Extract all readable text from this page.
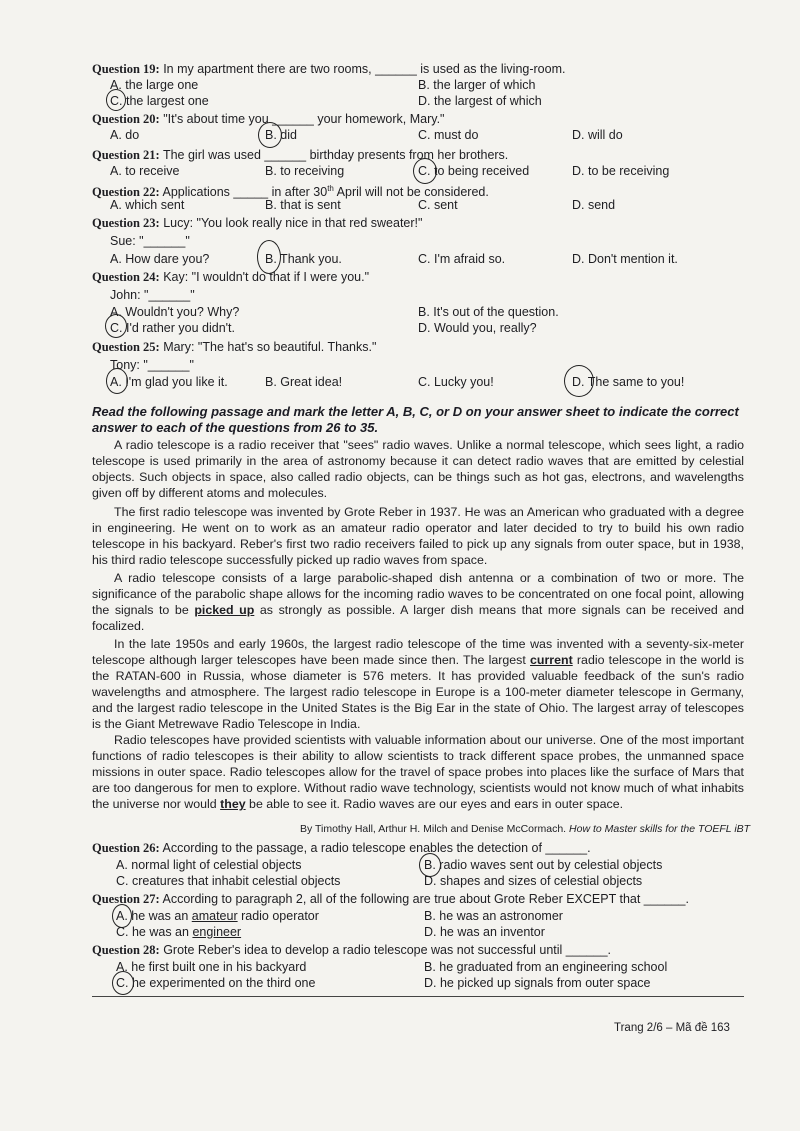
Question 19: In my apartment there are two rooms, ______ is used as the living-room.
A. the large one	B. the larger of which
C. the largest one	D. the largest of which
Question 20: "It's about time you ______ your homework, Mary."
A. do	B. did	C. must do	D. will do
Question 21: The girl was used ______ birthday presents from her brothers.
A. to receive	B. to receiving	C. to being received	D. to be receiving
Question 22: Applications _____ in after 30th April will not be considered.
A. which sent	B. that is sent	C. sent	D. send
Question 23: Lucy: "You look really nice in that red sweater!"
Sue: "______"
A. How dare you?	B. Thank you.	C. I'm afraid so.	D. Don't mention it.
Question 24: Kay: "I wouldn't do that if I were you."
John: "______"
A. Wouldn't you? Why?	B. It's out of the question.
C. I'd rather you didn't.	D. Would you, really?
Question 25: Mary: "The hat's so beautiful. Thanks."
Tony: "______"
A. I'm glad you like it.	B. Great idea!	C. Lucky you!	D. The same to you!
Read the following passage and mark the letter A, B, C, or D on your answer sheet to indicate the correct answer to each of the questions from 26 to 35.
A radio telescope is a radio receiver that "sees" radio waves. Unlike a normal telescope, which sees light, a radio telescope is used primarily in the area of astronomy because it can detect radio waves that are emitted by celestial objects. Such objects in space, also called radio objects, can be things such as hot gas, electrons, and wavelengths given off by different atoms and molecules.
The first radio telescope was invented by Grote Reber in 1937. He was an American who graduated with a degree in engineering. He went on to work as an amateur radio operator and later decided to try to build his own radio telescope in his backyard. Reber's first two radio receivers failed to pick up any signals from outer space, but in 1938, his third radio telescope successfully picked up radio waves from space.
A radio telescope consists of a large parabolic-shaped dish antenna or a combination of two or more. The significance of the parabolic shape allows for the incoming radio waves to be concentrated on one focal point, allowing the signals to be picked up as strongly as possible. A larger dish means that more signals can be received and focalized.
In the late 1950s and early 1960s, the largest radio telescope of the time was invented with a seventy-six-meter telescope although larger telescopes have been made since then. The largest current radio telescope in the world is the RATAN-600 in Russia, whose diameter is 576 meters. It has provided valuable feedback of the sun's radio wavelengths and atmosphere. The largest radio telescope in Europe is a 100-meter diameter telescope in Germany, and the largest radio telescope in the United States is the Big Ear in the state of Ohio. The largest array of telescopes is the Giant Metrewave Radio Telescope in India.
Radio telescopes have provided scientists with valuable information about our universe. One of the most important functions of radio telescopes is their ability to allow scientists to track different space probes, the unmanned space missions in outer space. Radio telescopes allow for the travel of space probes into places like the surface of Mars that are too dangerous for men to explore. Without radio wave technology, scientists would not know much of what inhabits the universe nor would they be able to see it. Radio waves are our eyes and ears in outer space.
By Timothy Hall, Arthur H. Milch and Denise McCormach. How to Master skills for the TOEFL iBT
Question 26: According to the passage, a radio telescope enables the detection of ______.
A. normal light of celestial objects	B. radio waves sent out by celestial objects
C. creatures that inhabit celestial objects	D. shapes and sizes of celestial objects
Question 27: According to paragraph 2, all of the following are true about Grote Reber EXCEPT that ______.
A. he was an amateur radio operator	B. he was an astronomer
C. he was an engineer	D. he was an inventor
Question 28: Grote Reber's idea to develop a radio telescope was not successful until ______.
A. he first built one in his backyard	B. he graduated from an engineering school
C. he experimented on the third one	D. he picked up signals from outer space
Trang 2/6 – Mã đề 163
